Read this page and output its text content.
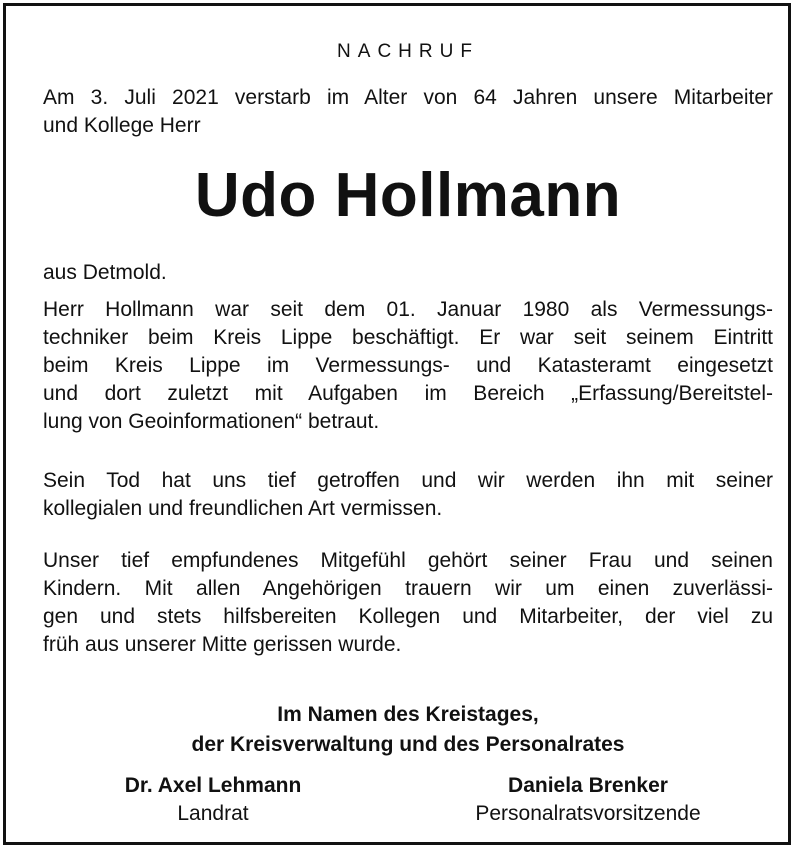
NACHRUF

Am 3. Juli 2021 verstarb im Alter von 64 Jahren unsere Mitarbeiter
und Kollege Herr

Udo Hollmann

aus Detmold.

Herr Hollmann war seit dem 01. Januar 1980 als Vermessungs-
techniker beim Kreis Lippe beschäftigt. Er war seit seinem Eintritt
beim Kreis Lippe im Vermessungs- und Katasteramt eingesetzt
und dort zuletzt mit Aufgaben im Bereich „Erfassung/Bereitstel-
lung von Geoinformationen“ betraut.

Sein Tod hat uns tief getroffen und wir werden ihn mit seiner
kollegialen und freundlichen Art vermissen.

Unser tief empfundenes Mitgefühl gehört seiner Frau und seinen
Kindern. Mit allen Angehörigen trauern wir um einen zuverlässi-
gen und stets hilfsbereiten Kollegen und Mitarbeiter, der viel zu
früh aus unserer Mitte gerissen wurde.

Im Namen des Kreistages,
der Kreisverwaltung und des Personalrates
Dr. Axel Lehmann
Landrat
Daniela Brenker
Personalratsvorsitzende
